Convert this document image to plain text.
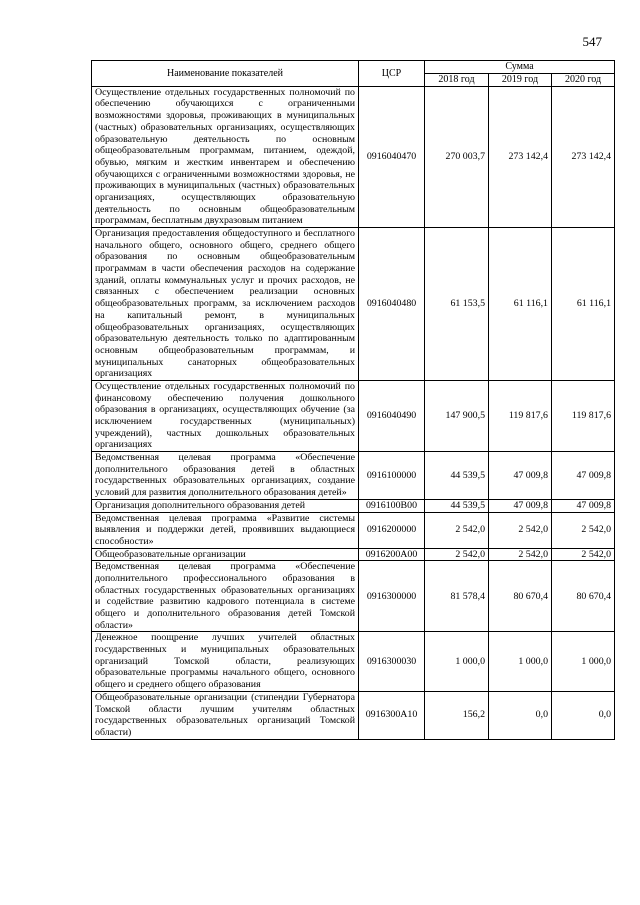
547
Наименование показателей	ЦСР	Сумма		
		2018 год	2019 год	2020 год
Осуществление отдельных государственных полномочий по обеспечению обучающихся с ограниченными возможностями здоровья, проживающих в муниципальных (частных) образовательных организациях, осуществляющих образовательную деятельность по основным общеобразовательным программам, питанием, одеждой, обувью, мягким и жестким инвентарем и обеспечению обучающихся с ограниченными возможностями здоровья, не проживающих в муниципальных (частных) образовательных организациях, осуществляющих образовательную деятельность по основным общеобразовательным программам, бесплатным двухразовым питанием	0916040470	270 003,7	273 142,4	273 142,4
Организация предоставления общедоступного и бесплатного начального общего, основного общего, среднего общего образования по основным общеобразовательным программам в части обеспечения расходов на содержание зданий, оплаты коммунальных услуг и прочих расходов, не связанных с обеспечением реализации основных общеобразовательных программ, за исключением расходов на капитальный ремонт, в муниципальных общеобразовательных организациях, осуществляющих образовательную деятельность только по адаптированным основным общеобразовательным программам, и муниципальных санаторных общеобразовательных организациях	0916040480	61 153,5	61 116,1	61 116,1
Осуществление отдельных государственных полномочий по финансовому обеспечению получения дошкольного образования в организациях, осуществляющих обучение (за исключением государственных (муниципальных) учреждений), частных дошкольных образовательных организациях	0916040490	147 900,5	119 817,6	119 817,6
Ведомственная целевая программа «Обеспечение дополнительного образования детей в областных государственных образовательных организациях, создание условий для развития дополнительного образования детей»	0916100000	44 539,5	47 009,8	47 009,8
Организация дополнительного образования детей	0916100B00	44 539,5	47 009,8	47 009,8
Ведомственная целевая программа «Развитие системы выявления и поддержки детей, проявивших выдающиеся способности»	0916200000	2 542,0	2 542,0	2 542,0
Общеобразовательные организации	0916200A00	2 542,0	2 542,0	2 542,0
Ведомственная целевая программа «Обеспечение дополнительного профессионального образования в областных государственных образовательных организациях и содействие развитию кадрового потенциала в системе общего и дополнительного образования детей Томской области»	0916300000	81 578,4	80 670,4	80 670,4
Денежное поощрение лучших учителей областных государственных и муниципальных образовательных организаций Томской области, реализующих образовательные программы начального общего, основного общего и среднего общего образования	0916300030	1 000,0	1 000,0	1 000,0
Общеобразовательные организации (стипендии Губернатора Томской области лучшим учителям областных государственных образовательных организаций Томской области)	0916300A10	156,2	0,0	0,0
